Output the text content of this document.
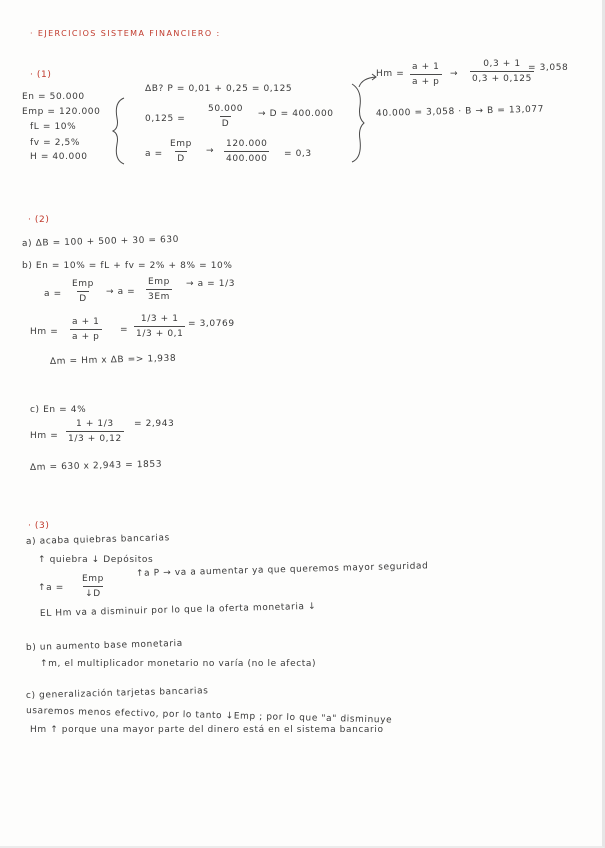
· EJERCICIOS SISTEMA FINANCIERO :
· (1)
En = 50.000
Emp = 120.000
fL = 10%
fv = 2,5%
H = 40.000
ΔB? P = 0,01 + 0,25 = 0,125
$0,125 = \frac{50.000}{D} \to D = 400.000$
a =
Emp
D
→ $\frac{120.000}{400.000} = 0,3$
$Hm = \frac{a + 1}{a + p} \to \frac{0,3 + 1}{0,3 + 0,125}$
= 3,058
40.000 = 3,058 · B → B = 13,077
· (2)
a) ΔB = 100 + 500 + 30 = 630
b) En = 10% = fL + fv = 2% + 8% = 10%
a =
Emp
D
→ a =
Emp
3Em
→ a = 1/3
$Hm = \frac{a + 1}{a + p} = \frac{1/3 + 1}{1/3 + 0,1} = 3,0769$
Δm = Hm x ΔB => 1,938
c) En = 4%
$Hm = \frac{1 + 1/3}{1/3 + 0,12} = 2,943$
Δm = 630 x 2,943 = 1853
· (3)
a) acaba quiebras bancarias
↑ quiebra ↓ Depósitos
↑a =
Emp
↓D
↑a P → va a aumentar ya que queremos mayor seguridad
EL Hm va a disminuir por lo que la oferta monetaria ↓
b) un aumento base monetaria
↑m, el multiplicador monetario no varía (no le afecta)
c) generalización tarjetas bancarias
usaremos menos efectivo, por lo tanto ↓Emp ; por lo que "a" disminuye
Hm ↑ porque una mayor parte del dinero está en el sistema bancario
